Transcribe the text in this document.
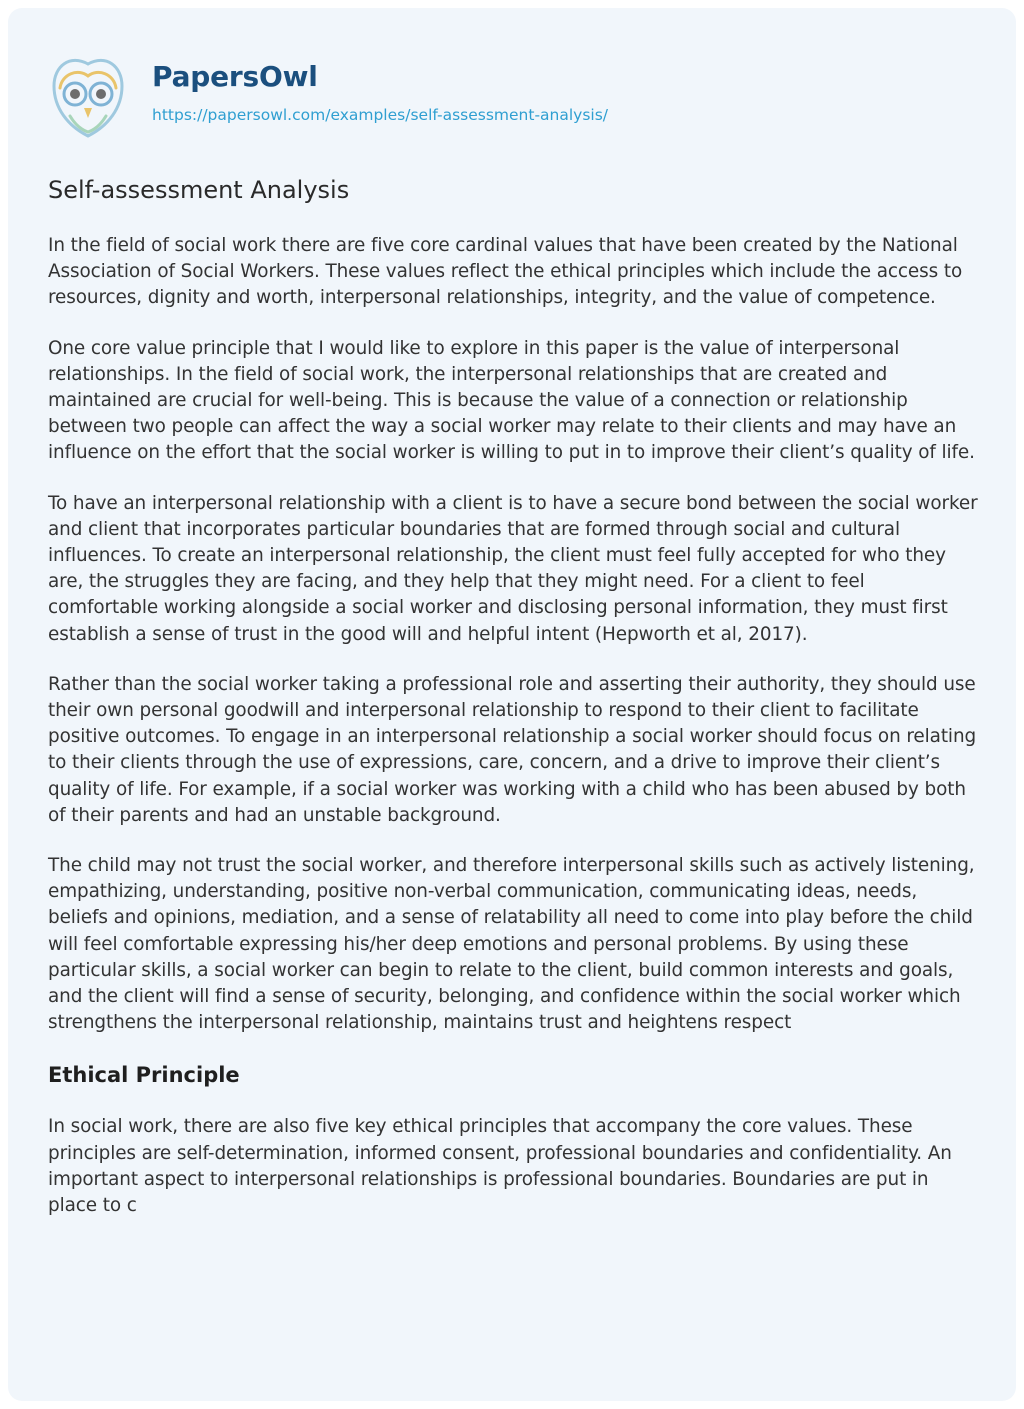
PapersOwl
https://papersowl.com/examples/self-assessment-analysis/
Self-assessment Analysis

In the field of social work there are five core cardinal values that have been created by the National Association of Social Workers. These values reflect the ethical principles which include the access to resources, dignity and worth, interpersonal relationships, integrity, and the value of competence.

One core value principle that I would like to explore in this paper is the value of interpersonal relationships. In the field of social work, the interpersonal relationships that are created and maintained are crucial for well-being. This is because the value of a connection or relationship between two people can affect the way a social worker may relate to their clients and may have an influence on the effort that the social worker is willing to put in to improve their client’s quality of life.

To have an interpersonal relationship with a client is to have a secure bond between the social worker and client that incorporates particular boundaries that are formed through social and cultural influences. To create an interpersonal relationship, the client must feel fully accepted for who they are, the struggles they are facing, and they help that they might need. For a client to feel comfortable working alongside a social worker and disclosing personal information, they must first establish a sense of trust in the good will and helpful intent (Hepworth et al, 2017).

Rather than the social worker taking a professional role and asserting their authority, they should use their own personal goodwill and interpersonal relationship to respond to their client to facilitate positive outcomes. To engage in an interpersonal relationship a social worker should focus on relating to their clients through the use of expressions, care, concern, and a drive to improve their client’s quality of life. For example, if a social worker was working with a child who has been abused by both of their parents and had an unstable background.

The child may not trust the social worker, and therefore interpersonal skills such as actively listening, empathizing, understanding, positive non-verbal communication, communicating ideas, needs, beliefs and opinions, mediation, and a sense of relatability all need to come into play before the child will feel comfortable expressing his/her deep emotions and personal problems. By using these particular skills, a social worker can begin to relate to the client, build common interests and goals, and the client will find a sense of security, belonging, and confidence within the social worker which strengthens the interpersonal relationship, maintains trust and heightens respect

Ethical Principle

In social work, there are also five key ethical principles that accompany the core values. These principles are self-determination, informed consent, professional boundaries and confidentiality. An important aspect to interpersonal relationships is professional boundaries. Boundaries are put in place to c
